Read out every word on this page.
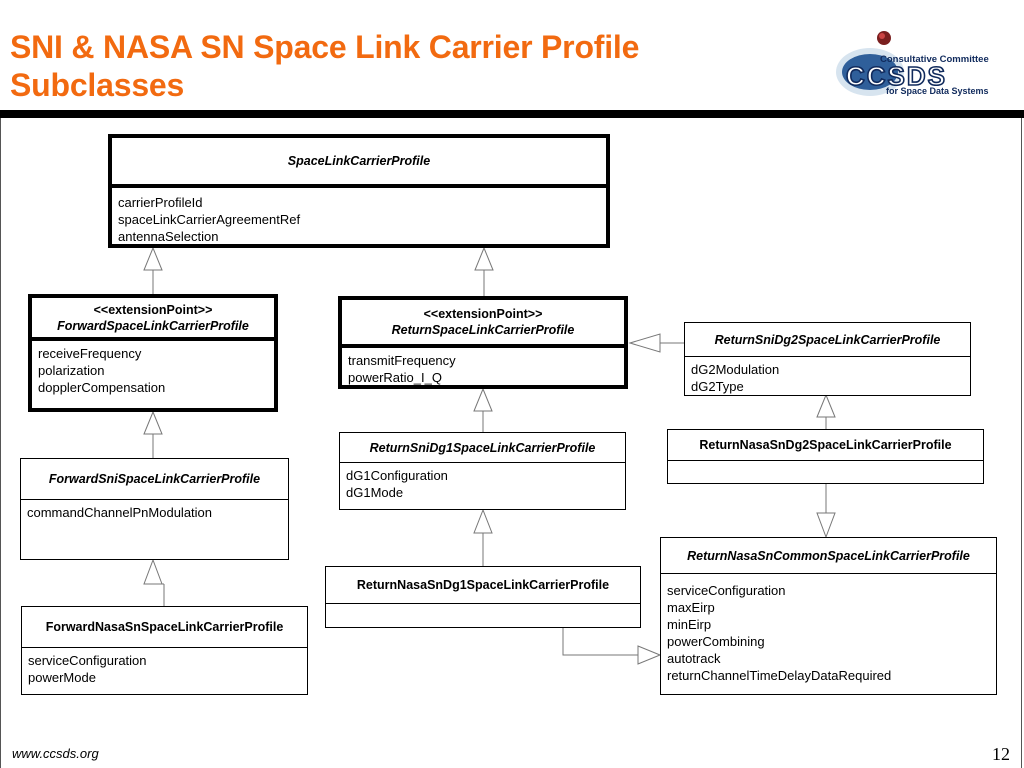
SNI & NASA SN Space Link Carrier Profile
Subclasses
Consultative Committee
CCSDS
for Space Data Systems
SpaceLinkCarrierProfile
carrierProfileId
spaceLinkCarrierAgreementRef
antennaSelection
<<extensionPoint>>
ForwardSpaceLinkCarrierProfile
receiveFrequency
polarization
dopplerCompensation
<<extensionPoint>>
ReturnSpaceLinkCarrierProfile
transmitFrequency
powerRatio_I_Q
ReturnSniDg2SpaceLinkCarrierProfile
dG2Modulation
dG2Type
ReturnSniDg1SpaceLinkCarrierProfile
dG1Configuration
dG1Mode
ReturnNasaSnDg2SpaceLinkCarrierProfile
ForwardSniSpaceLinkCarrierProfile
commandChannelPnModulation
ReturnNasaSnDg1SpaceLinkCarrierProfile
ReturnNasaSnCommonSpaceLinkCarrierProfile
serviceConfiguration
maxEirp
minEirp
powerCombining
autotrack
returnChannelTimeDelayDataRequired
ForwardNasaSnSpaceLinkCarrierProfile
serviceConfiguration
powerMode
www.ccsds.org	12
